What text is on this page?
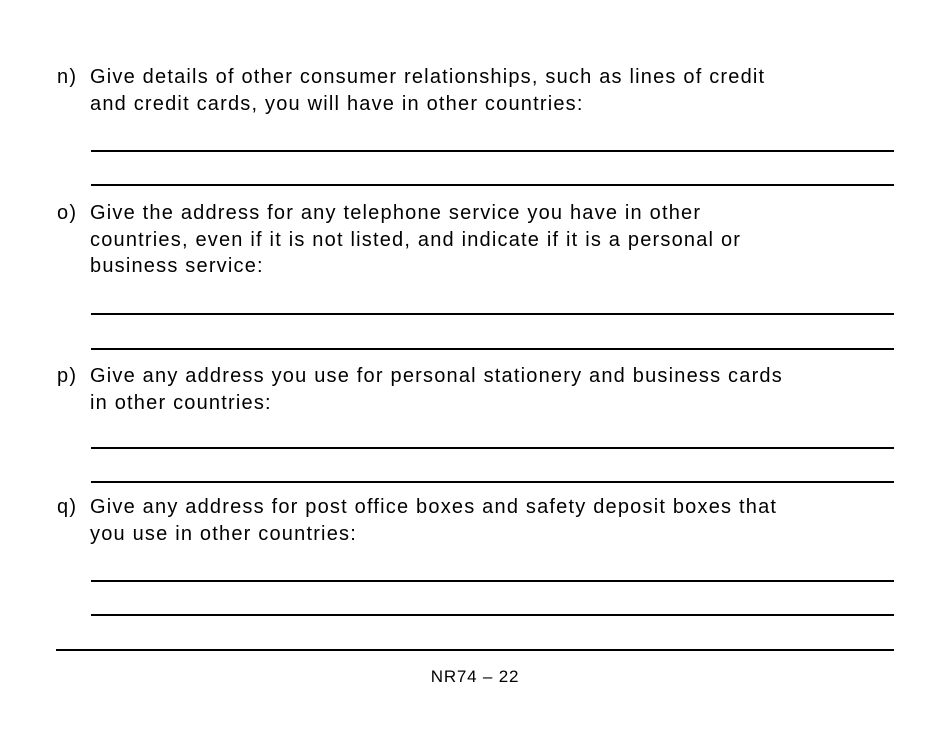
n) Give details of other consumer relationships, such as lines of credit
and credit cards, you will have in other countries:
o) Give the address for any telephone service you have in other
countries, even if it is not listed, and indicate if it is a personal or
business service:
p) Give any address you use for personal stationery and business cards
in other countries:
q) Give any address for post office boxes and safety deposit boxes that
you use in other countries:
NR74 – 22
